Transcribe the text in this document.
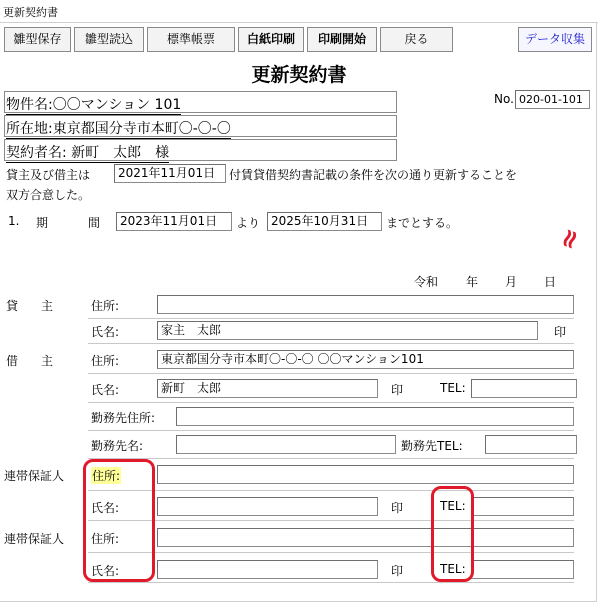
更新契約書
雛型保存	雛型読込	標準帳票	白紙印刷	印刷開始	戻る	データ収集
更新契約書
No. 020-01-101
物件名:〇〇マンション 101
所在地:東京都国分寺市本町〇-〇-〇
契約者名: 新町　太郎　様
貸主及び借主は	2021年11月01日	付賃貸借契約書記載の条件を次の通り更新することを
双方合意した。
1. 期	間	2023年11月01日	より 2025年10月31日	までとする。
≈
令和 年 月 日
貸 主	住所:
氏名:	家主　太郎	印
借 主	住所:	東京都国分寺市本町〇-〇-〇 〇〇マンション101
氏名:	新町　太郎	印	TEL:
勤務先住所:
勤務先名:	勤務先TEL:
連帯保証人 住所:
氏名:	印	TEL:
連帯保証人 住所:
氏名:	印	TEL:
